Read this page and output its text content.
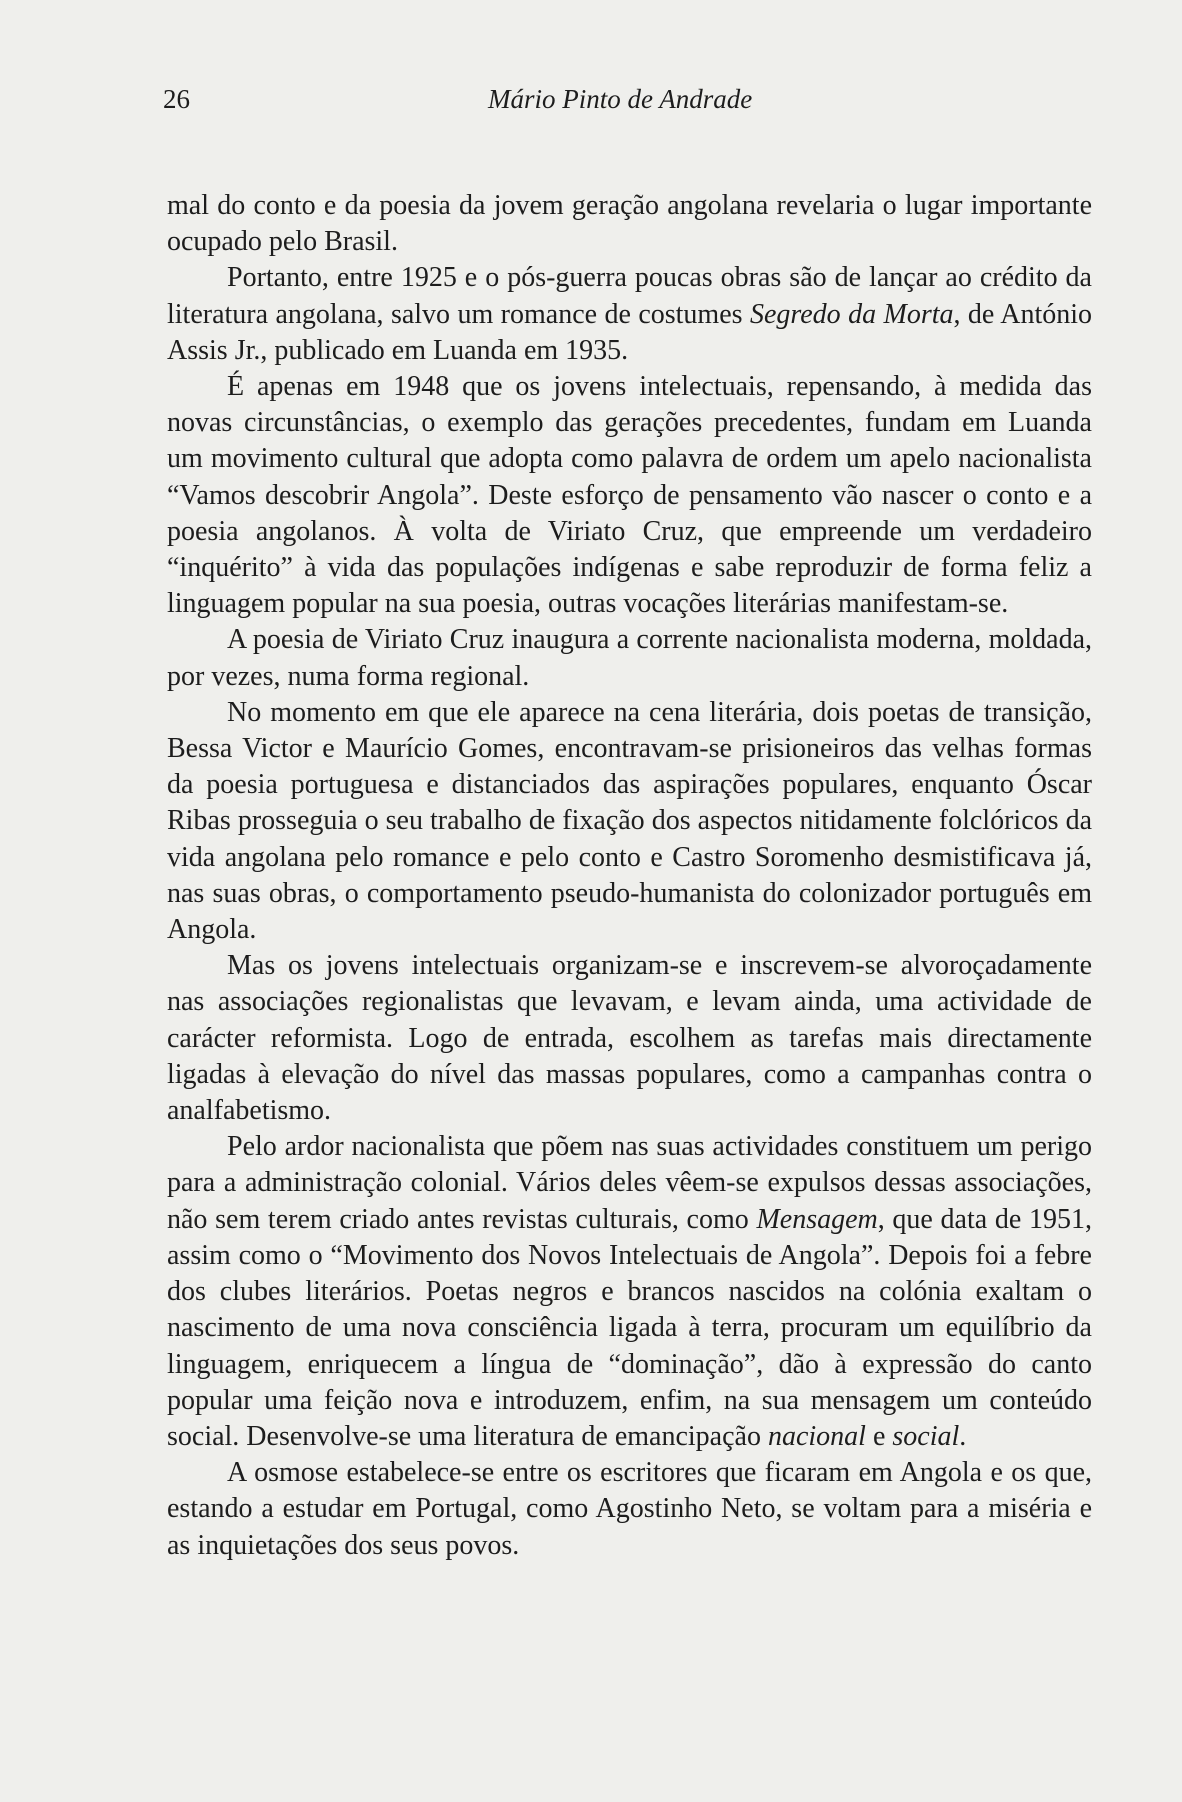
26	Mário Pinto de Andrade

mal do conto e da poesia da jovem geração angolana revelaria o lugar importante ocupado pelo Brasil.

Portanto, entre 1925 e o pós-guerra poucas obras são de lançar ao crédito da literatura angolana, salvo um romance de costumes Segredo da Morta, de António Assis Jr., publicado em Luanda em 1935.

É apenas em 1948 que os jovens intelectuais, repensando, à medida das novas circunstâncias, o exemplo das gerações precedentes, fundam em Luanda um movimento cultural que adopta como palavra de ordem um apelo nacionalista “Vamos descobrir Angola”. Deste esforço de pensamento vão nascer o conto e a poesia angolanos. À volta de Viriato Cruz, que empreende um verdadeiro “inquérito” à vida das populações indígenas e sabe reproduzir de forma feliz a linguagem popular na sua poesia, outras vocações literárias manifestam-se.

A poesia de Viriato Cruz inaugura a corrente nacionalista moderna, moldada, por vezes, numa forma regional.

No momento em que ele aparece na cena literária, dois poetas de transição, Bessa Victor e Maurício Gomes, encontravam-se prisioneiros das velhas formas da poesia portuguesa e distanciados das aspirações populares, enquanto Óscar Ribas prosseguia o seu trabalho de fixação dos aspectos nitidamente folclóricos da vida angolana pelo romance e pelo conto e Castro Soromenho desmistificava já, nas suas obras, o comportamento pseudo-humanista do colonizador português em Angola.

Mas os jovens intelectuais organizam-se e inscrevem-se alvoroçadamente nas associações regionalistas que levavam, e levam ainda, uma actividade de carácter reformista. Logo de entrada, escolhem as tarefas mais directamente ligadas à elevação do nível das massas populares, como a campanhas contra o analfabetismo.

Pelo ardor nacionalista que põem nas suas actividades constituem um perigo para a administração colonial. Vários deles vêem-se expulsos dessas associações, não sem terem criado antes revistas culturais, como Mensagem, que data de 1951, assim como o “Movimento dos Novos Intelectuais de Angola”. Depois foi a febre dos clubes literários. Poetas negros e brancos nascidos na colónia exaltam o nascimento de uma nova consciência ligada à terra, procuram um equilíbrio da linguagem, enriquecem a língua de “dominação”, dão à expressão do canto popular uma feição nova e introduzem, enfim, na sua mensagem um conteúdo social. Desenvolve-se uma literatura de emancipação nacional e social.

A osmose estabelece-se entre os escritores que ficaram em Angola e os que, estando a estudar em Portugal, como Agostinho Neto, se voltam para a miséria e as inquietações dos seus povos.
